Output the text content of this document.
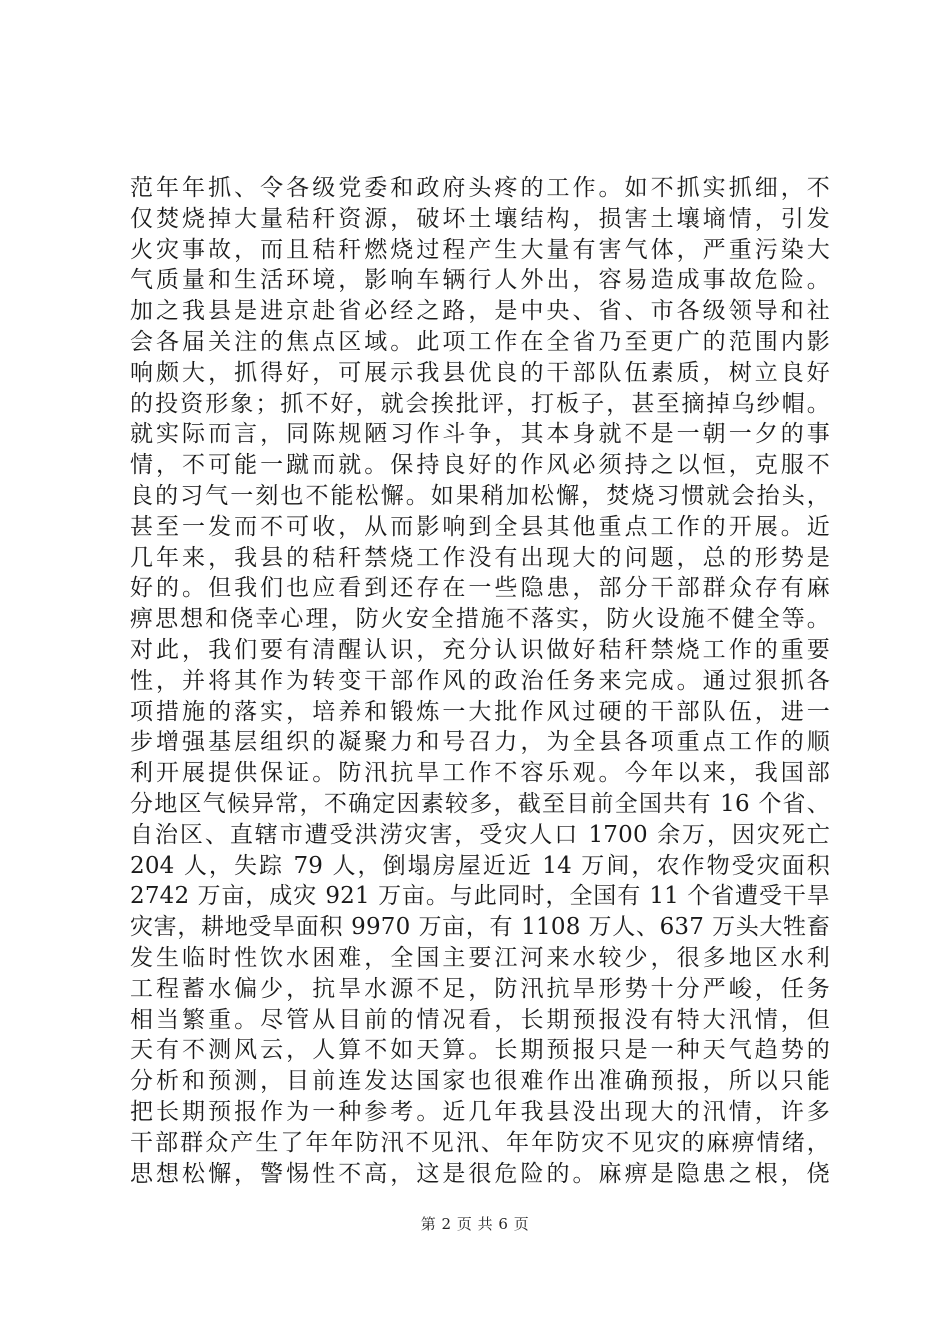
范年年抓、令各级党委和政府头疼的工作。如不抓实抓细，不
仅焚烧掉大量秸秆资源，破坏土壤结构，损害土壤墒情，引发
火灾事故，而且秸秆燃烧过程产生大量有害气体，严重污染大
气质量和生活环境，影响车辆行人外出，容易造成事故危险。
加之我县是进京赴省必经之路，是中央、省、市各级领导和社
会各届关注的焦点区域。此项工作在全省乃至更广的范围内影
响颇大，抓得好，可展示我县优良的干部队伍素质，树立良好
的投资形象；抓不好，就会挨批评，打板子，甚至摘掉乌纱帽。
就实际而言，同陈规陋习作斗争，其本身就不是一朝一夕的事
情，不可能一蹴而就。保持良好的作风必须持之以恒，克服不
良的习气一刻也不能松懈。如果稍加松懈，焚烧习惯就会抬头，
甚至一发而不可收，从而影响到全县其他重点工作的开展。近
几年来，我县的秸秆禁烧工作没有出现大的问题，总的形势是
好的。但我们也应看到还存在一些隐患，部分干部群众存有麻
痹思想和侥幸心理，防火安全措施不落实，防火设施不健全等。
对此，我们要有清醒认识，充分认识做好秸秆禁烧工作的重要
性，并将其作为转变干部作风的政治任务来完成。通过狠抓各
项措施的落实，培养和锻炼一大批作风过硬的干部队伍，进一
步增强基层组织的凝聚力和号召力，为全县各项重点工作的顺
利开展提供保证。防汛抗旱工作不容乐观。今年以来，我国部
分地区气候异常，不确定因素较多，截至目前全国共有 16 个省、
自治区、直辖市遭受洪涝灾害，受灾人口 1700 余万，因灾死亡
204 人，失踪 79 人，倒塌房屋近近 14 万间，农作物受灾面积
2742 万亩，成灾 921 万亩。与此同时，全国有 11 个省遭受干旱
灾害，耕地受旱面积 9970 万亩，有 1108 万人、637 万头大牲畜
发生临时性饮水困难，全国主要江河来水较少，很多地区水利
工程蓄水偏少，抗旱水源不足，防汛抗旱形势十分严峻，任务
相当繁重。尽管从目前的情况看，长期预报没有特大汛情，但
天有不测风云，人算不如天算。长期预报只是一种天气趋势的
分析和预测，目前连发达国家也很难作出准确预报，所以只能
把长期预报作为一种参考。近几年我县没出现大的汛情，许多
干部群众产生了年年防汛不见汛、年年防灾不见灾的麻痹情绪，
思想松懈，警惕性不高，这是很危险的。麻痹是隐患之根，侥
第 2 页 共 6 页
